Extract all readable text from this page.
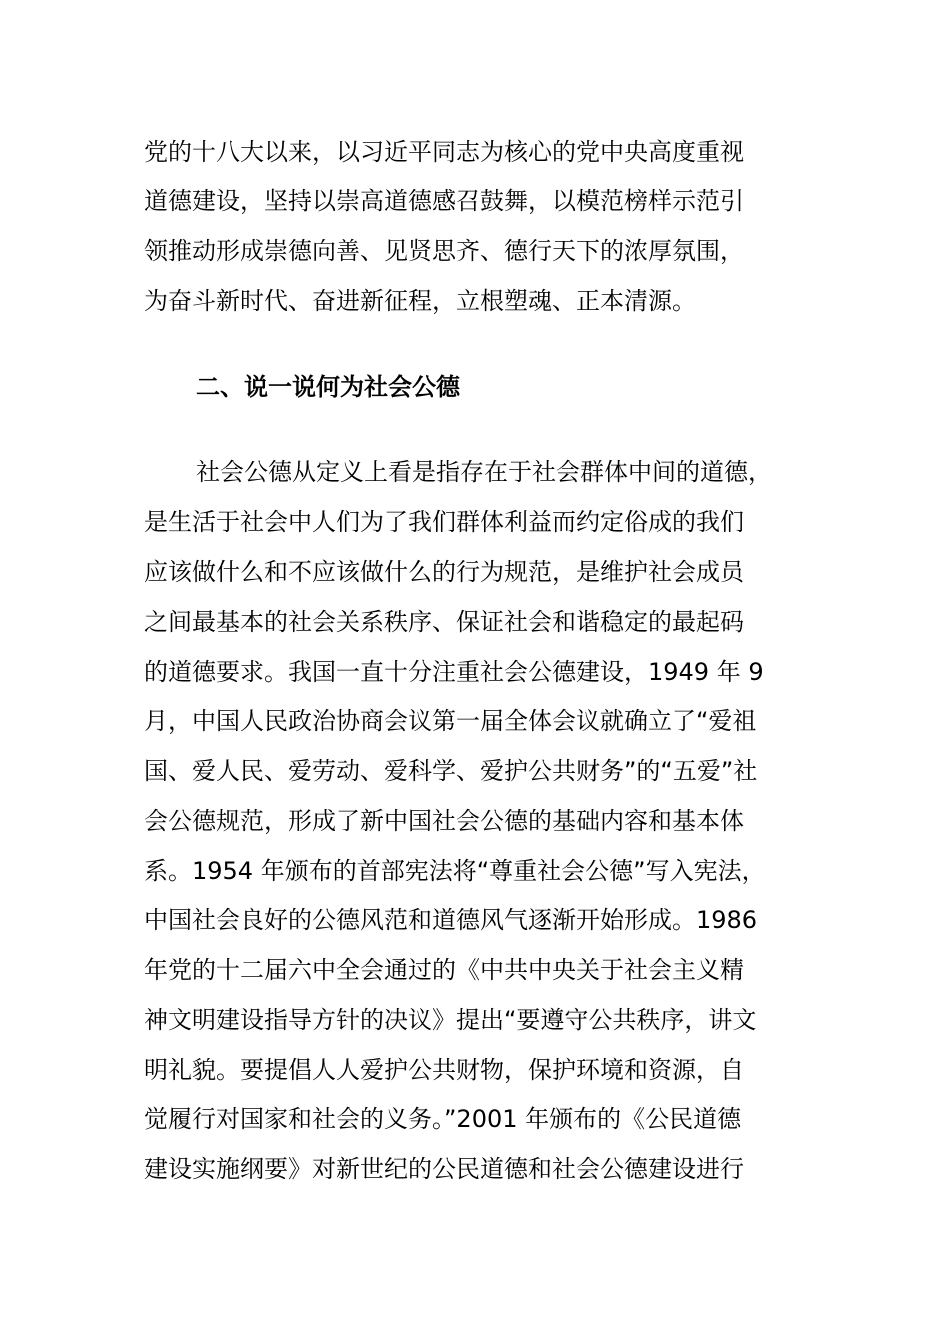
党的十八大以来，以习近平同志为核心的党中央高度重视
道德建设，坚持以崇高道德感召鼓舞，以模范榜样示范引
领推动形成崇德向善、见贤思齐、德行天下的浓厚氛围，
为奋斗新时代、奋进新征程，立根塑魂、正本清源。
二、说一说何为社会公德
社会公德从定义上看是指存在于社会群体中间的道德，
是生活于社会中人们为了我们群体利益而约定俗成的我们
应该做什么和不应该做什么的行为规范，是维护社会成员
之间最基本的社会关系秩序、保证社会和谐稳定的最起码
的道德要求。我国一直十分注重社会公德建设，1949 年 9
月，中国人民政治协商会议第一届全体会议就确立了“爱祖
国、爱人民、爱劳动、爱科学、爱护公共财务”的“五爱”社
会公德规范，形成了新中国社会公德的基础内容和基本体
系。1954 年颁布的首部宪法将“尊重社会公德”写入宪法，
中国社会良好的公德风范和道德风气逐渐开始形成。1986
年党的十二届六中全会通过的《中共中央关于社会主义精
神文明建设指导方针的决议》提出“要遵守公共秩序，讲文
明礼貌。要提倡人人爱护公共财物，保护环境和资源，自
觉履行对国家和社会的义务。”2001 年颁布的《公民道德
建设实施纲要》对新世纪的公民道德和社会公德建设进行
